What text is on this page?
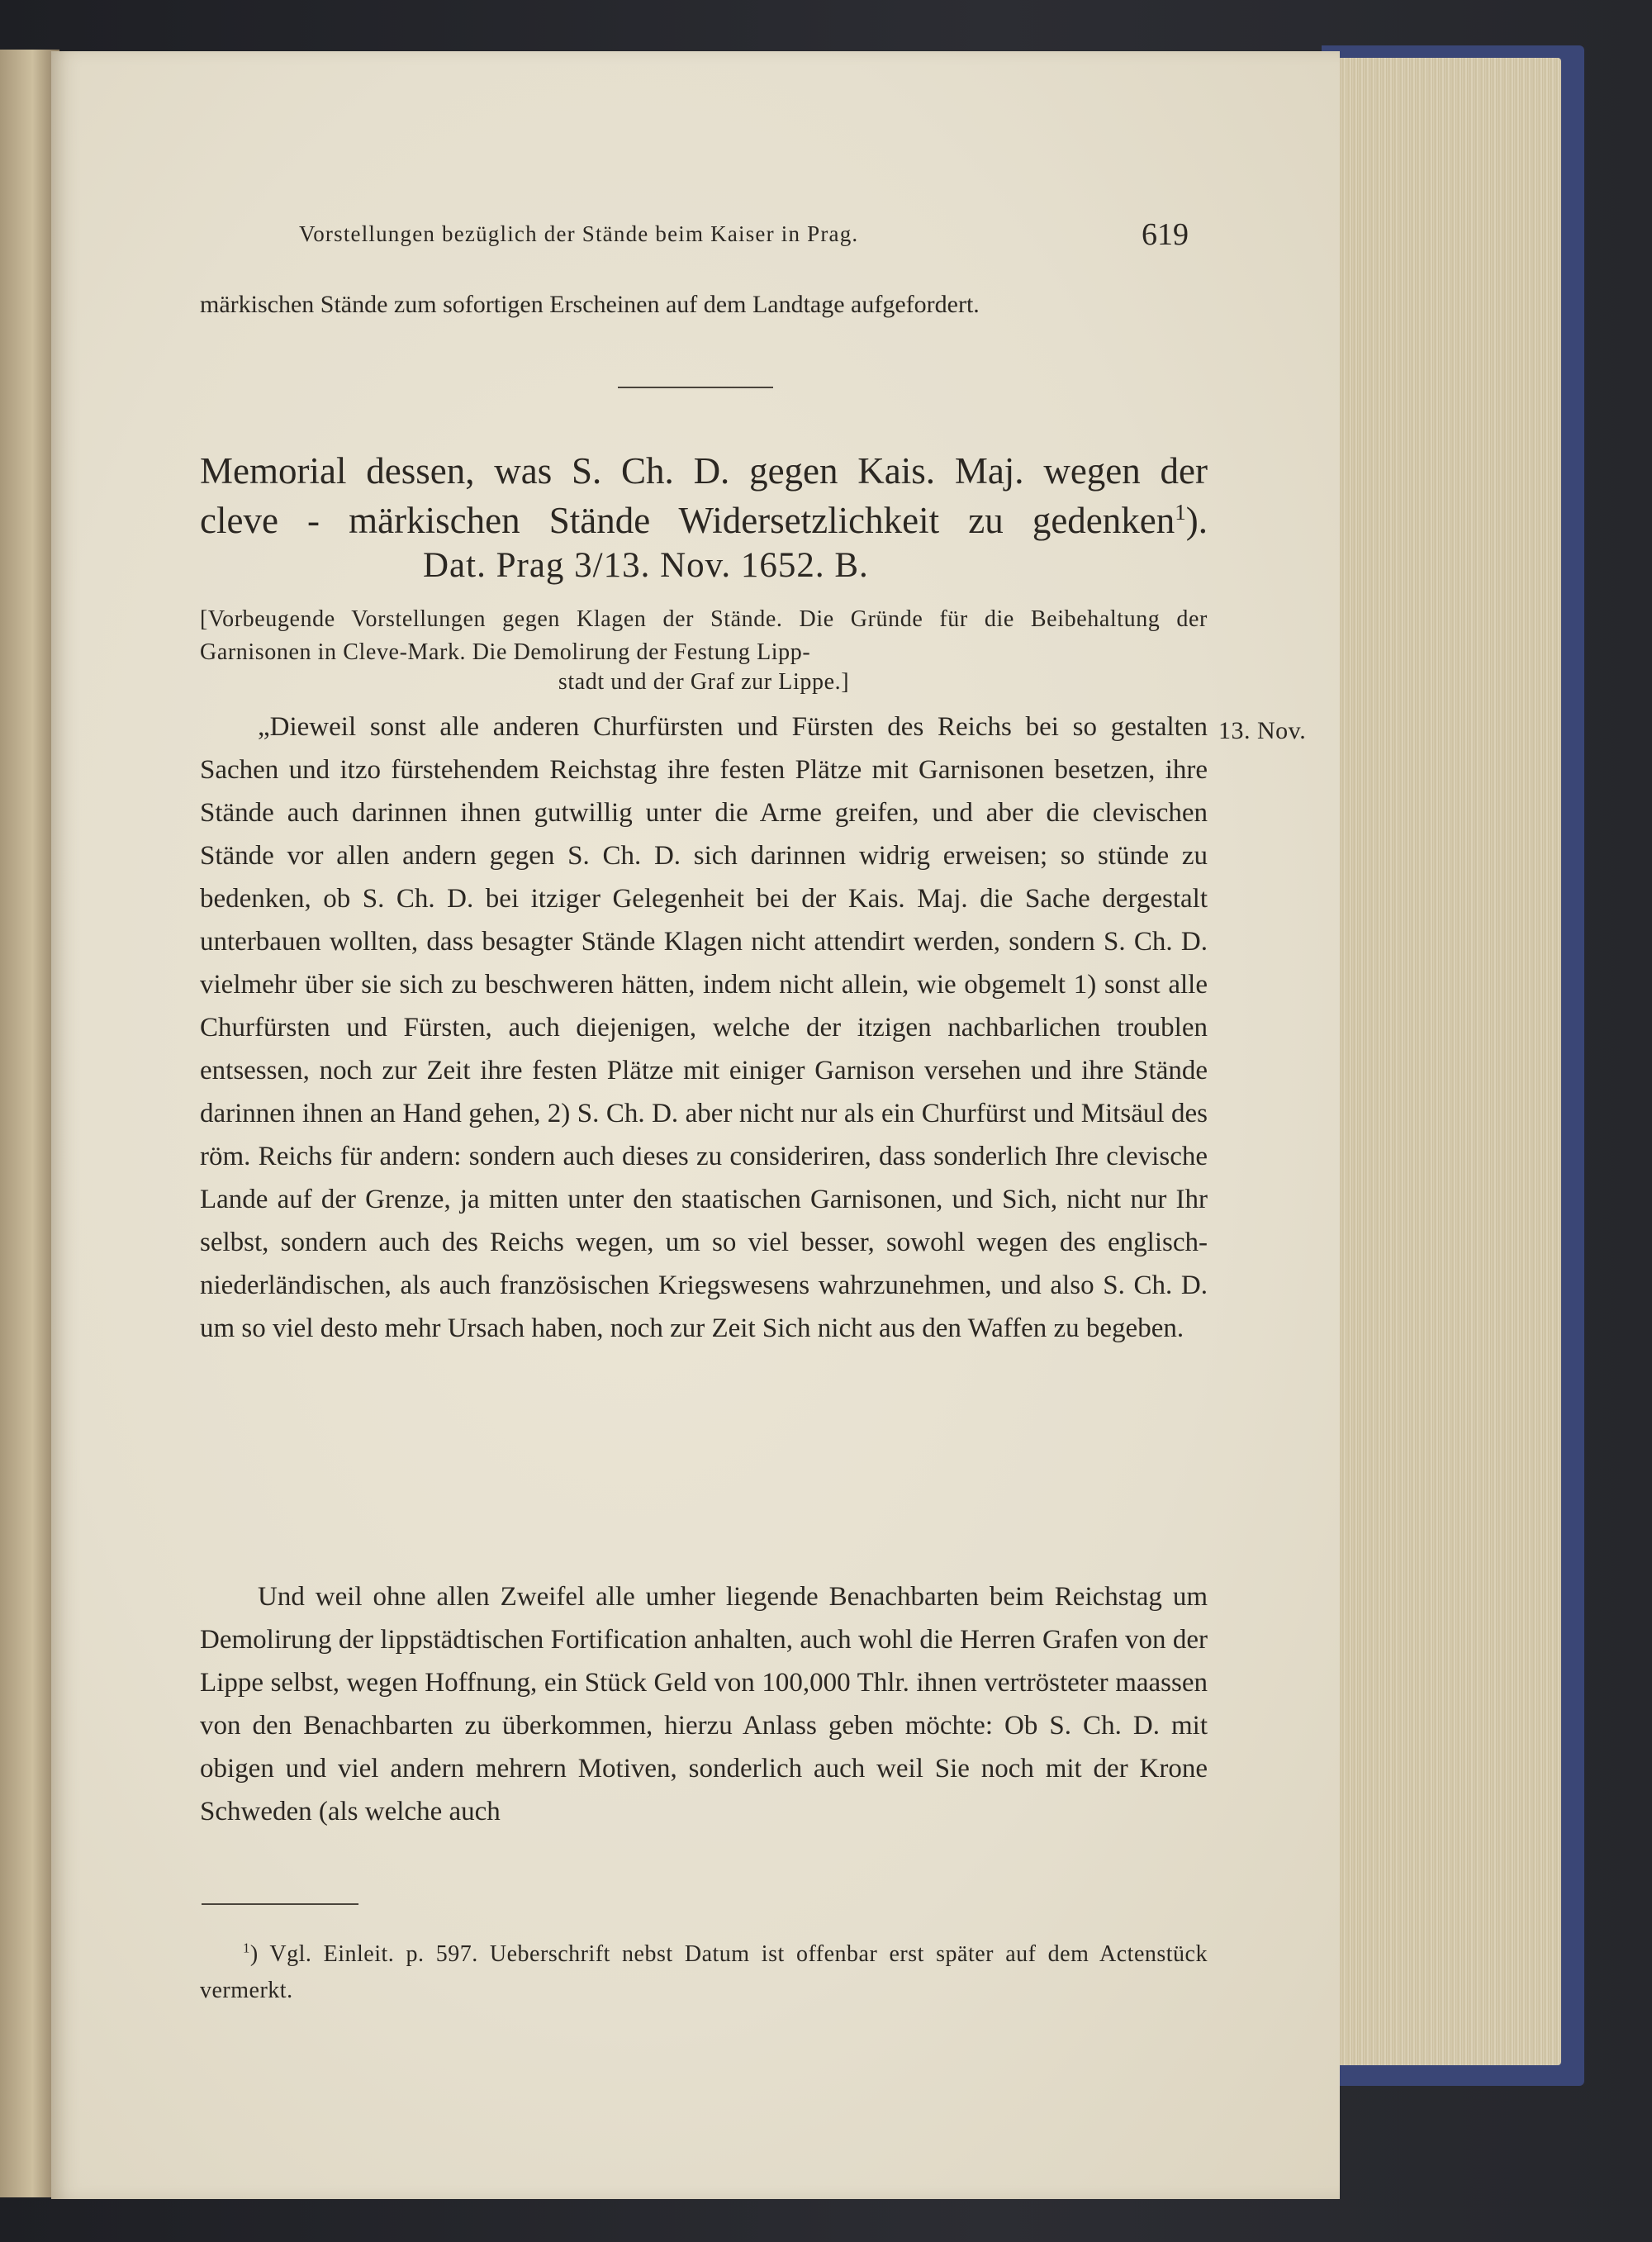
Vorstellungen bezüglich der Stände beim Kaiser in Prag.	619
märkischen Stände zum sofortigen Erscheinen auf dem Landtage aufgefordert.
Memorial dessen, was S. Ch. D. gegen Kais. Maj. wegen der
cleve - märkischen Stände Widersetzlichkeit zu gedenken$^1$).
Dat. Prag 3/13. Nov. 1652. B.
[Vorbeugende Vorstellungen gegen Klagen der Stände. Die Gründe für die Beibehaltung der Garnisonen in Cleve-Mark. Die Demolirung der Festung Lipp-
stadt und der Graf zur Lippe.]
13. Nov.
„Dieweil sonst alle anderen Churfürsten und Fürsten des Reichs bei so gestalten Sachen und itzo fürstehendem Reichstag ihre festen Plätze mit Garnisonen besetzen, ihre Stände auch darinnen ihnen gutwillig unter die Arme greifen, und aber die clevischen Stände vor allen andern gegen S. Ch. D. sich darinnen widrig erweisen; so stünde zu bedenken, ob S. Ch. D. bei itziger Gelegenheit bei der Kais. Maj. die Sache dergestalt unterbauen wollten, dass besagter Stände Klagen nicht attendirt werden, sondern S. Ch. D. vielmehr über sie sich zu beschweren hätten, indem nicht allein, wie obgemelt 1) sonst alle Churfürsten und Fürsten, auch diejenigen, welche der itzigen nachbarlichen troublen entsessen, noch zur Zeit ihre festen Plätze mit einiger Garnison versehen und ihre Stände darinnen ihnen an Hand gehen, 2) S. Ch. D. aber nicht nur als ein Churfürst und Mitsäul des röm. Reichs für andern: sondern auch dieses zu consideriren, dass sonderlich Ihre clevische Lande auf der Grenze, ja mitten unter den staatischen Garnisonen, und Sich, nicht nur Ihr selbst, sondern auch des Reichs wegen, um so viel besser, sowohl wegen des englisch-niederländischen, als auch französischen Kriegswesens wahrzunehmen, und also S. Ch. D. um so viel desto mehr Ursach haben, noch zur Zeit Sich nicht aus den Waffen zu begeben.
Und weil ohne allen Zweifel alle umher liegende Benachbarten beim Reichstag um Demolirung der lippstädtischen Fortification anhalten, auch wohl die Herren Grafen von der Lippe selbst, wegen Hoffnung, ein Stück Geld von 100,000 Thlr. ihnen vertrösteter maassen von den Benachbarten zu überkommen, hierzu Anlass geben möchte: Ob S. Ch. D. mit obigen und viel andern mehrern Motiven, sonderlich auch weil Sie noch mit der Krone Schweden (als welche auch
$^1$) Vgl. Einleit. p. 597. Ueberschrift nebst Datum ist offenbar erst später auf dem Actenstück vermerkt.
